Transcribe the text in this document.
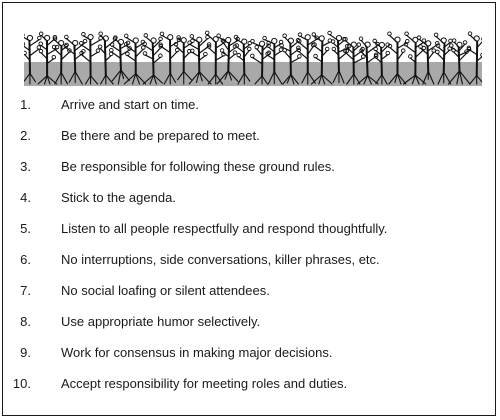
1. Arrive and start on time.
2. Be there and be prepared to meet.
3. Be responsible for following these ground rules.
4. Stick to the agenda.
5. Listen to all people respectfully and respond thoughtfully.
6. No interruptions, side conversations, killer phrases, etc.
7. No social loafing or silent attendees.
8. Use appropriate humor selectively.
9. Work for consensus in making major decisions.
10. Accept responsibility for meeting roles and duties.
